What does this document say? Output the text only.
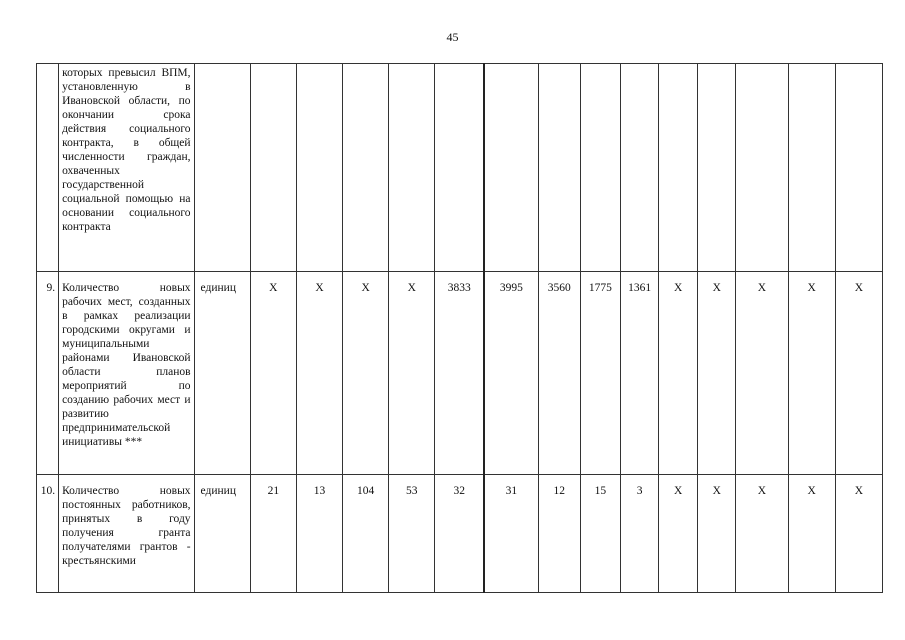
45
	которых превысил ВПМ, установленную в Ивановской области, по окончании срока действия социального контракта, в общей численности граждан, охваченных государственной социальной помощью на основании социального контракта															
9.	Количество новых рабочих мест, созданных в рамках реализации городскими округами и муниципальными районами Ивановской области планов мероприятий по созданию рабочих мест и развитию предпринимательской инициативы ***	единиц	X	X	X	X	3833	3995	3560	1775	1361	X	X	X	X	X
10.	Количество новых постоянных работников, принятых в году получения гранта получателями грантов - крестьянскими	единиц	21	13	104	53	32	31	12	15	3	X	X	X	X	X
